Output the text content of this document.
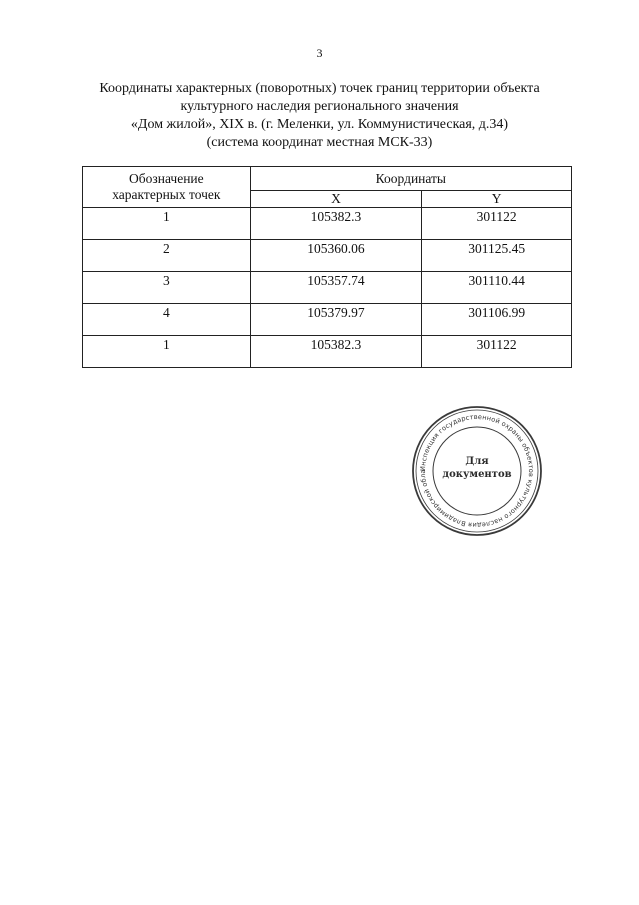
3
Координаты характерных (поворотных) точек границ территории объекта
культурного наследия регионального значения
«Дом жилой», XIX в. (г. Меленки, ул. Коммунистическая, д.34)
(система координат местная МСК-33)
Обозначение
характерных точек	Координаты	
	X	Y
1	105382.3	301122
2	105360.06	301125.45
3	105357.74	301110.44
4	105379.97	301106.99
1	105382.3	301122
Инспекция государственной охраны объектов культурного наследия Владимирской обла
Для
документов
